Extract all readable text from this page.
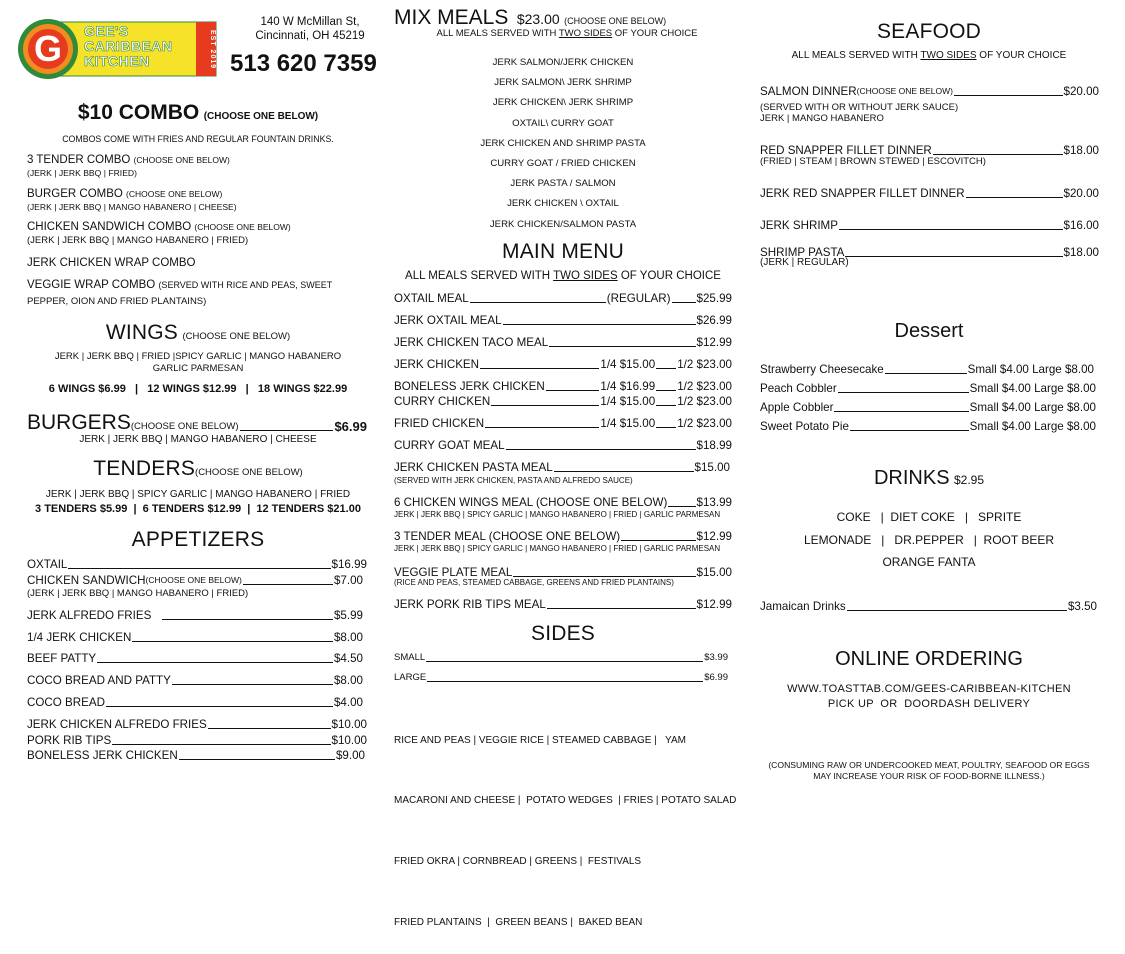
G GEE'S
CARIBBEAN
KITCHEN	EST 2019
140 W McMillan St,
Cincinnati, OH 45219
513 620 7359
$10 COMBO (CHOOSE ONE BELOW)
COMBOS COME WITH FRIES AND REGULAR FOUNTAIN DRINKS.
3 TENDER COMBO (CHOOSE ONE BELOW)
(JERK | JERK BBQ | FRIED)
BURGER COMBO (CHOOSE ONE BELOW)
(JERK | JERK BBQ | MANGO HABANERO | CHEESE)
CHICKEN SANDWICH COMBO (CHOOSE ONE BELOW)
(JERK | JERK BBQ | MANGO HABANERO | FRIED)
JERK CHICKEN WRAP COMBO
VEGGIE WRAP COMBO (SERVED WITH RICE AND PEAS, SWEET
PEPPER, OION AND FRIED PLANTAINS)
WINGS (CHOOSE ONE BELOW)
JERK | JERK BBQ | FRIED |SPICY GARLIC | MANGO HABANERO
GARLIC PARMESAN
6 WINGS $6.99   |   12 WINGS $12.99   |   18 WINGS $22.99
BURGERS (CHOOSE ONE BELOW)	$6.99
JERK | JERK BBQ | MANGO HABANERO | CHEESE
TENDERS(CHOOSE ONE BELOW)
JERK | JERK BBQ | SPICY GARLIC | MANGO HABANERO | FRIED
3 TENDERS $5.99  |  6 TENDERS $12.99  |  12 TENDERS $21.00
APPETIZERS
OXTAIL	$16.99
CHICKEN SANDWICH (CHOOSE ONE BELOW)	$7.00
(JERK | JERK BBQ | MANGO HABANERO | FRIED)
JERK ALFREDO FRIES	$5.99
1/4 JERK CHICKEN	$8.00
BEEF PATTY	$4.50
COCO BREAD AND PATTY	$8.00
COCO BREAD	$4.00
JERK CHICKEN ALFREDO FRIES	$10.00
PORK RIB TIPS	$10.00
BONELESS JERK CHICKEN	$9.00
MIX MEALS $23.00 (CHOOSE ONE BELOW)
ALL MEALS SERVED WITH TWO SIDES OF YOUR CHOICE
JERK SALMON/JERK CHICKEN
JERK SALMON\ JERK SHRIMP
JERK CHICKEN\ JERK SHRIMP
OXTAIL\ CURRY GOAT
JERK CHICKEN AND SHRIMP PASTA
CURRY GOAT / FRIED CHICKEN
JERK PASTA / SALMON
JERK CHICKEN \ OXTAIL
JERK CHICKEN/SALMON PASTA
MAIN MENU
ALL MEALS SERVED WITH TWO SIDES OF YOUR CHOICE
OXTAIL MEAL	(REGULAR) $25.99
JERK OXTAIL MEAL	$26.99
JERK CHICKEN TACO MEAL	$12.99
JERK CHICKEN	1/4 $15.00 1/2 $23.00
BONELESS JERK CHICKEN	1/4 $16.99 1/2 $23.00
CURRY CHICKEN	1/4 $15.00 1/2 $23.00
FRIED CHICKEN	1/4 $15.00 1/2 $23.00
CURRY GOAT MEAL	$18.99
JERK CHICKEN PASTA MEAL	$15.00
(SERVED WITH JERK CHICKEN, PASTA AND ALFREDO SAUCE)
6 CHICKEN WINGS MEAL (CHOOSE ONE BELOW)	$13.99
JERK | JERK BBQ | SPICY GARLIC | MANGO HABANERO | FRIED | GARLIC PARMESAN
3 TENDER MEAL (CHOOSE ONE BELOW)	$12.99
JERK | JERK BBQ | SPICY GARLIC | MANGO HABANERO | FRIED | GARLIC PARMESAN
VEGGIE PLATE MEAL	$15.00
(RICE AND PEAS, STEAMED CABBAGE, GREENS AND FRIED PLANTAINS)
JERK PORK RIB TIPS MEAL	$12.99
SIDES
SMALL	$3.99
LARGE	$6.99

RICE AND PEAS | VEGGIE RICE | STEAMED CABBAGE |   YAM

MACARONI AND CHEESE |  POTATO WEDGES  | FRIES | POTATO SALAD

FRIED OKRA | CORNBREAD | GREENS |  FESTIVALS

FRIED PLANTAINS  |  GREEN BEANS |  BAKED BEAN

SEAFOOD
ALL MEALS SERVED WITH TWO SIDES OF YOUR CHOICE
SALMON DINNER (CHOOSE ONE BELOW)	$20.00
(SERVED WITH OR WITHOUT JERK SAUCE)
JERK | MANGO HABANERO
RED SNAPPER FILLET DINNER	$18.00
(FRIED | STEAM | BROWN STEWED | ESCOVITCH)
JERK RED SNAPPER FILLET DINNER	$20.00
JERK SHRIMP	$16.00
SHRIMP PASTA	$18.00
(JERK | REGULAR)
Dessert
Strawberry Cheesecake	Small $4.00 Large $8.00
Peach Cobbler	Small $4.00 Large $8.00
Apple Cobbler	Small $4.00 Large $8.00
Sweet Potato Pie	Small $4.00 Large $8.00
DRINKS $2.95
COKE   |  DIET COKE   |   SPRITE
LEMONADE   |   DR.PEPPER   |  ROOT BEER
ORANGE FANTA
Jamaican Drinks	$3.50
ONLINE ORDERING
WWW.TOASTTAB.COM/GEES-CARIBBEAN-KITCHEN
PICK UP  OR  DOORDASH DELIVERY
(CONSUMING RAW OR UNDERCOOKED MEAT, POULTRY, SEAFOOD OR EGGS
MAY INCREASE YOUR RISK OF FOOD-BORNE ILLNESS.)
